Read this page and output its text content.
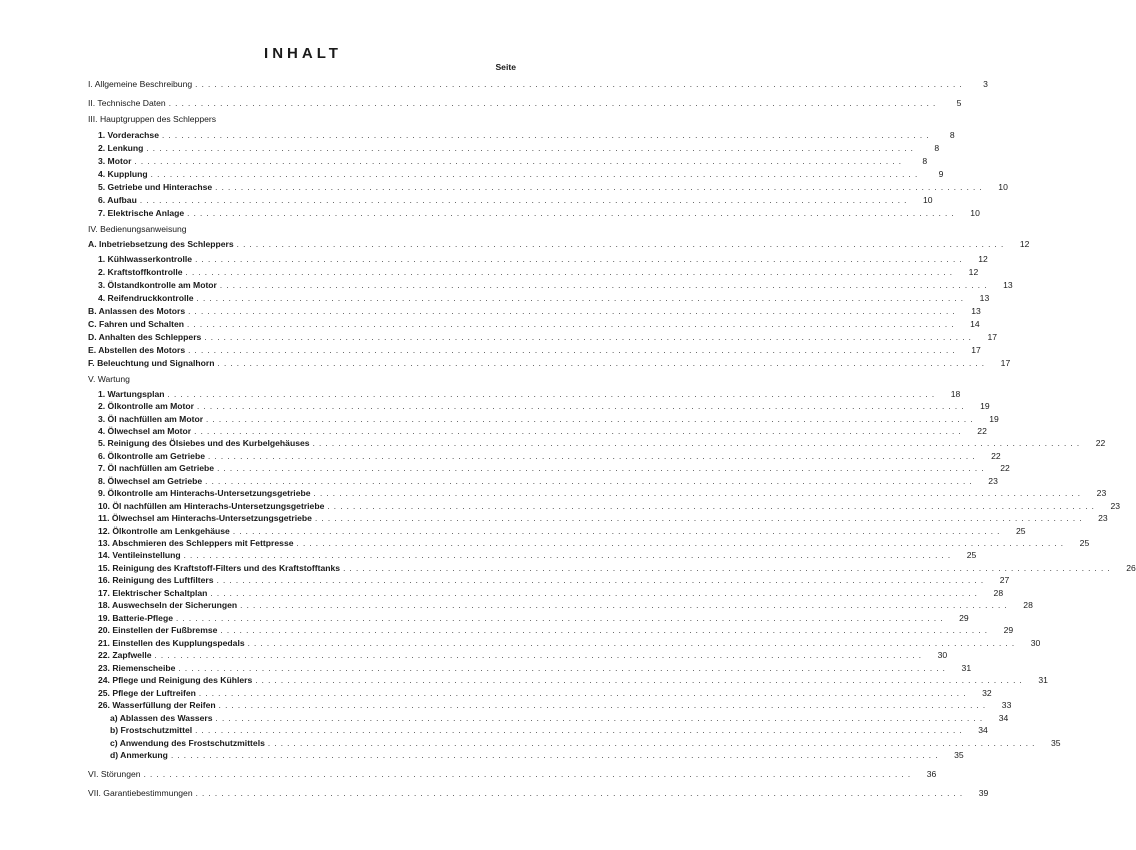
INHALT
Seite
I. Allgemeine Beschreibung ........................................................................................................................	3
II. Technische Daten ........................................................................................................................	5
III. Hauptgruppen des Schleppers
1. Vorderachse ........................................................................................................................	8
2. Lenkung ........................................................................................................................	8
3. Motor ........................................................................................................................	8
4. Kupplung ........................................................................................................................	9
5. Getriebe und Hinterachse ........................................................................................................................	10
6. Aufbau ........................................................................................................................	10
7. Elektrische Anlage ........................................................................................................................	10
IV. Bedienungsanweisung
A. Inbetriebsetzung des Schleppers ........................................................................................................................	12
1. Kühlwasserkontrolle ........................................................................................................................	12
2. Kraftstoffkontrolle ........................................................................................................................	12
3. Ölstandkontrolle am Motor ........................................................................................................................	13
4. Reifendruckkontrolle ........................................................................................................................	13
B. Anlassen des Motors ........................................................................................................................	13
C. Fahren und Schalten ........................................................................................................................	14
D. Anhalten des Schleppers ........................................................................................................................	17
E. Abstellen des Motors ........................................................................................................................	17
F. Beleuchtung und Signalhorn ........................................................................................................................	17
V. Wartung
1. Wartungsplan ........................................................................................................................	18
2. Ölkontrolle am Motor ........................................................................................................................	19
3. Öl nachfüllen am Motor ........................................................................................................................	19
4. Ölwechsel am Motor ........................................................................................................................	22
5. Reinigung des Ölsiebes und des Kurbelgehäuses ........................................................................................................................	22
6. Ölkontrolle am Getriebe ........................................................................................................................	22
7. Öl nachfüllen am Getriebe ........................................................................................................................	22
8. Ölwechsel am Getriebe ........................................................................................................................	23
9. Ölkontrolle am Hinterachs-Untersetzungsgetriebe ........................................................................................................................	23
10. Öl nachfüllen am Hinterachs-Untersetzungsgetriebe ........................................................................................................................	23
11. Ölwechsel am Hinterachs-Untersetzungsgetriebe ........................................................................................................................	23
12. Ölkontrolle am Lenkgehäuse ........................................................................................................................	25
13. Abschmieren des Schleppers mit Fettpresse ........................................................................................................................	25
14. Ventileinstellung ........................................................................................................................	25
15. Reinigung des Kraftstoff-Filters und des Kraftstofftanks ........................................................................................................................	26
16. Reinigung des Luftfilters ........................................................................................................................	27
17. Elektrischer Schaltplan ........................................................................................................................	28
18. Auswechseln der Sicherungen ........................................................................................................................	28
19. Batterie-Pflege ........................................................................................................................	29
20. Einstellen der Fußbremse ........................................................................................................................	29
21. Einstellen des Kupplungspedals ........................................................................................................................	30
22. Zapfwelle ........................................................................................................................	30
23. Riemenscheibe ........................................................................................................................	31
24. Pflege und Reinigung des Kühlers ........................................................................................................................	31
25. Pflege der Luftreifen ........................................................................................................................	32
26. Wasserfüllung der Reifen ........................................................................................................................	33
a) Ablassen des Wassers ........................................................................................................................	34
b) Frostschutzmittel ........................................................................................................................	34
c) Anwendung des Frostschutzmittels ........................................................................................................................	35
d) Anmerkung ........................................................................................................................	35
VI. Störungen ........................................................................................................................	36
VII. Garantiebestimmungen ........................................................................................................................	39
